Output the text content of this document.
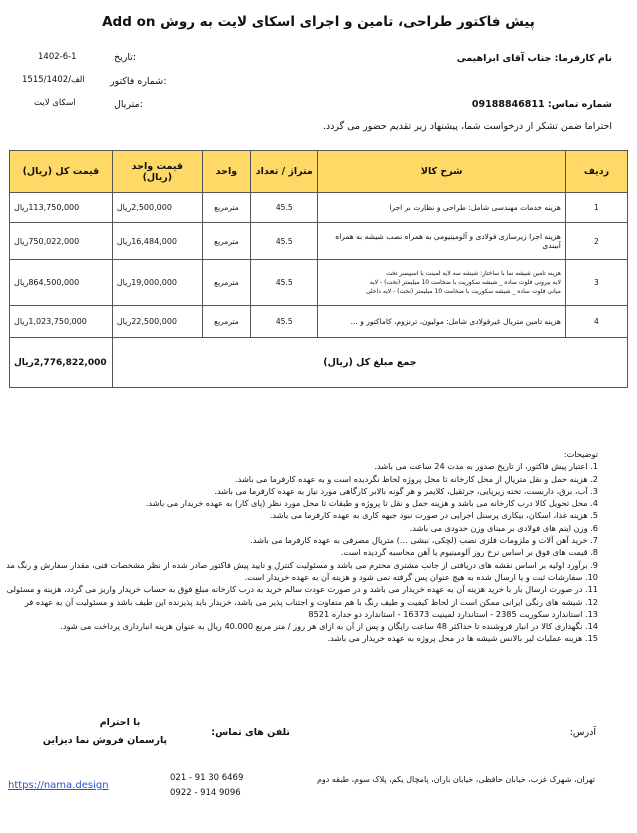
پیش فاکتور طراحی، تامین و اجرای اسکای لایت به روش Add on
نام کارفرما: جناب آقای ابراهیمی
شماره تماس: 09188846811
احتراما ضمن تشکر از درخواست شما، پیشنهاد زیر تقدیم حضور می گردد.
تاریخ:
1402-6-1
شماره فاکتور:
1515/الف/1402
متریال:
اسکای لایت
ردیف	شرح کالا	متراژ / تعداد	واحد	قیمت واحد (ریال)	قیمت کل (ریال)
1	هزینه خدمات مهندسی شامل: طراحی و نظارت بر اجرا	45.5	مترمربع	2,500,000ریال	113,750,000ریال
2	هزینه اجرا زیرسازی فولادی و آلومینیومی به همراه نصب شیشه به همراه آببندی	45.5	مترمربع	16,484,000ریال	750,022,000ریال
3	هزینه تامین شیشه نما با ساختار: شیشه سه لایه لمینت با اسپیسر تخت
لایه بیرونی فلوت ساده _ شیشه سکوریت با ضخامت 10 میلیمتر (تخت) - لایه
میانی فلوت ساده _ شیشه سکوریت با ضخامت 10 میلیمتر (تخت) - لایه داخلی	45.5	مترمربع	19,000,000ریال	864,500,000ریال
4	هزینه تامین متریال غیرفولادی شامل: مولیون، ترنزوم، کاماکتور و ...	45.5	مترمربع	22,500,000ریال	1,023,750,000ریال
جمع مبلغ کل (ریال)					2,776,822,000ریال
توضیحات:
1. اعتبار پیش فاکتور، از تاریخ صدور به مدت 24 ساعت می باشد.
2. هزینه حمل و نقل متریال از محل کارخانه تا محل پروژه لحاظ نگردیده است و به عهده کارفرما می باشد.
3. آب، برق، داربست، تخته زیرپایی، جرثقیل، کلایمر و هر گونه بالابر کارگاهی مورد نیاز به عهده کارفرما می باشد.
4. محل تحویل کالا درب کارخانه می باشد و هزینه حمل و نقل تا پروژه و طبقات تا محل مورد نظر (پای کار) به عهده خریدار می باشد.
5. هزینه غذا، اسکان، بیکاری پرسنل اجرایی در صورت نبود جبهه کاری به عهده کارفرما می باشد.
6. وزن اینم های فولادی بر مبنای وزن حدودی می باشد.
7. خرید آهن آلات و ملزومات فلزی نصب (لچکی، نبشی ...) متریال مصرفی به عهده کارفرما می باشد.
8. قیمت های فوق بر اساس نرخ روز آلومینیوم یا آهن محاسبه گردیده است.
9. برآورد اولیه بر اساس نقشه های دریافتی از جانب مشتری محترم می باشد و مسئولیت کنترل و تایید پیش فاکتور صادر شده از نظر مشخصات فنی، مقدار سفارش و رنگ مد
10. سفارشات ثبت و یا ارسال شده به هیچ عنوان پس گرفته نمی شود و هزینه آن به عهده خریدار است.
11. در صورت ارسال بار با خرید هزینه آن به عهده خریدار می باشد و در صورت عودت سالم خرید به درب کارخانه مبلغ فوق به حساب خریدار واریز می گردد، هزینه و مسئولی
12. شیشه های رنگی ایرانی ممکن است از لحاظ کیفیت و طیف رنگ با هم متفاوت و اجتناب پذیر می باشد، خریدار باید پذیرنده این طیف باشد و مسئولیت آن به عهده فر
13. استاندارد سکوریت 2385 - استاندارد لمینیت 16373 - استاندارد دو جداره 8521
14. نگهداری کالا در انبار فروشنده تا حداکثر 48 ساعت رایگان و پس از آن به ازای هر روز / متر مربع 40.000 ریال به عنوان هزینه انبارداری پرداخت می شود.
15. هزینه عملیات لیر بالانس شیشه ها در محل پروژه به عهده خریدار می باشد.
با احترام
پارسمان فروش نما دیزاین
تلفن های تماس:	آدرس:
021 - 91 30 6469
0922 - 914 9096
تهران، شهرک غرب، خیابان حافظی، خیابان باران، پامچال یکم، پلاک سوم، طبقه دوم
https://nama.design
